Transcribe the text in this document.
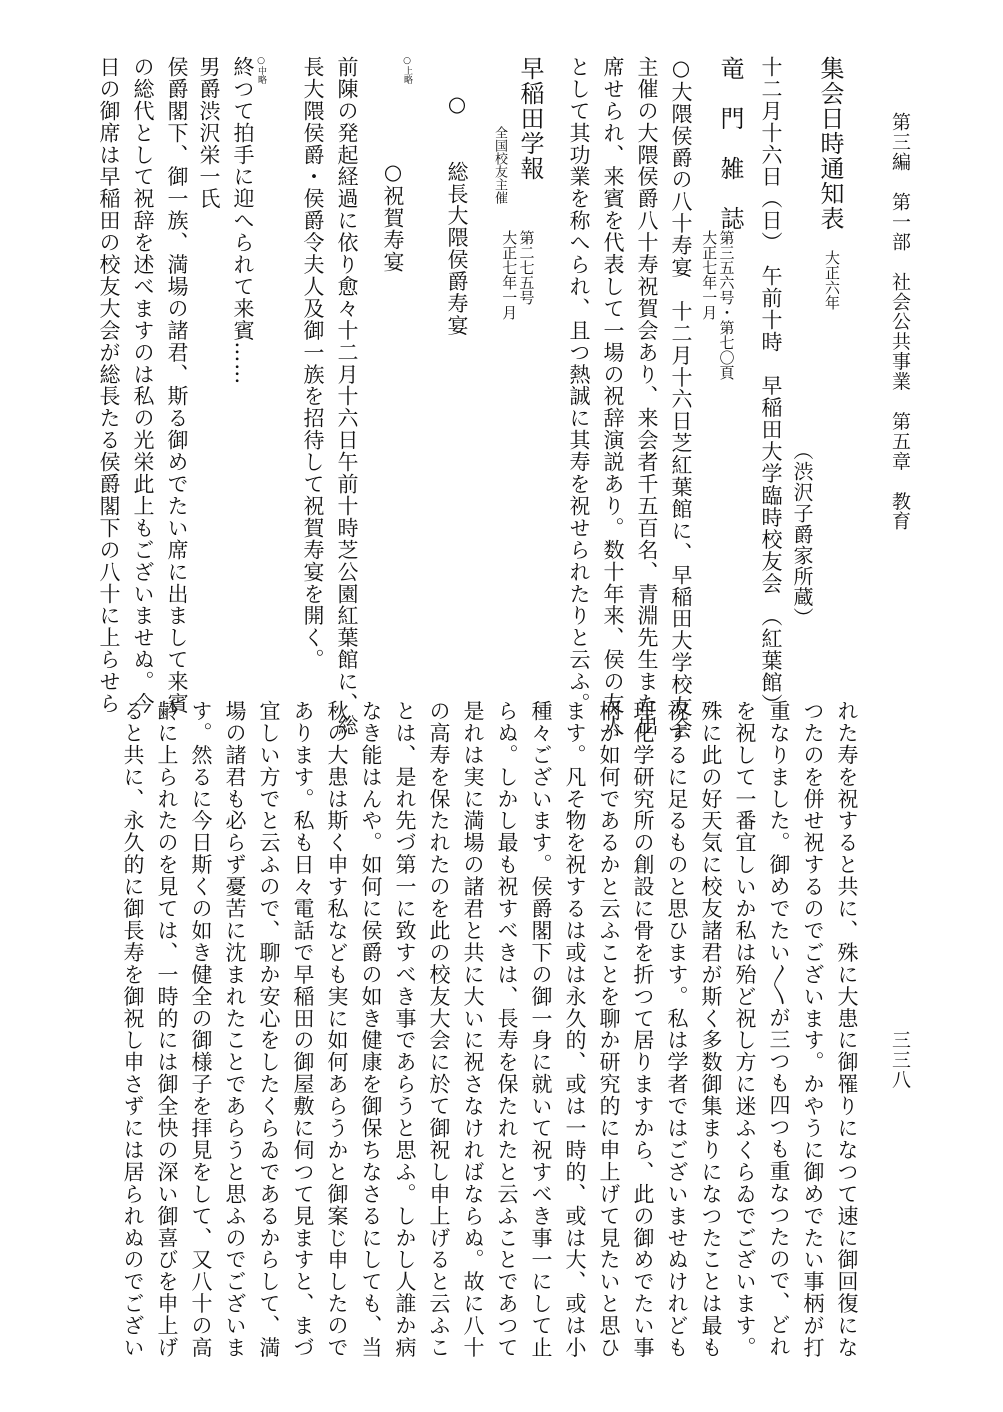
第三編　第一部　社会公共事業　第五章　教育
三三八
集会日時通知表
大正六年
（渋沢子爵家所蔵）
十二月十六日（日）　午前十時　早稲田大学臨時校友会　（紅葉館）
竜　門　雑　誌
第三五六号・第七〇頁
大正七年一月
○大隈侯爵の八十寿宴　十二月十六日芝紅葉館に、早稲田大学校友会
主催の大隈侯爵八十寿祝賀会あり、来会者千五百名、青淵先生また出
席せられ、来賓を代表して一場の祝辞演説あり。数十年来、侯の友人
として其功業を称へられ、且つ熱誠に其寿を祝せられたりと云ふ。
早稲田学報
第二七五号
大正七年一月
全国校友主催
○　　総長大隈侯爵寿宴
○上略
○祝賀寿宴
前陳の発起経過に依り愈々十二月十六日午前十時芝公園紅葉館に、総
長大隈侯爵・侯爵令夫人及御一族を招待して祝賀寿宴を開く。
○中略
終つて拍手に迎へられて来賓……
男爵渋沢栄一氏
侯爵閣下、御一族、満場の諸君、斯る御めでたい席に出まして来賓
の総代として祝辞を述べますのは私の光栄此上もございませぬ。今
日の御席は早稲田の校友大会が総長たる侯爵閣下の八十に上らせら
れた寿を祝すると共に、殊に大患に御罹りになつて速に御回復にな
つたのを併せ祝するのでございます。かやうに御めでたい事柄が打
重なりました。御めでたい〳〵が三つも四つも重なつたので、どれ
を祝して一番宜しいか私は殆ど祝し方に迷ふくらゐでございます。
殊に此の好天気に校友諸君が斯く多数御集まりになつたことは最も
祝するに足るものと思ひます。私は学者ではございませぬけれども
理化学研究所の創設に骨を折つて居りますから、此の御めでたい事
柄が如何であるかと云ふことを聊か研究的に申上げて見たいと思ひ
ます。凡そ物を祝するは或は永久的、或は一時的、或は大、或は小
種々ございます。侯爵閣下の御一身に就いて祝すべき事一にして止
らぬ。しかし最も祝すべきは、長寿を保たれたと云ふことであつて
是れは実に満場の諸君と共に大いに祝さなければならぬ。故に八十
の高寿を保たれたのを此の校友大会に於て御祝し申上げると云ふこ
とは、是れ先づ第一に致すべき事であらうと思ふ。しかし人誰か病
なき能はんや。如何に侯爵の如き健康を御保ちなさるにしても、当
秋の大患は斯く申す私なども実に如何あらうかと御案じ申したので
あります。私も日々電話で早稲田の御屋敷に伺つて見ますと、まづ
宜しい方でと云ふので、聊か安心をしたくらゐであるからして、満
場の諸君も必らず憂苦に沈まれたことであらうと思ふのでございま
す。然るに今日斯くの如き健全の御様子を拝見をして、又八十の高
齢に上られたのを見ては、一時的には御全快の深い御喜びを申上げ
ると共に、永久的に御長寿を御祝し申さずには居られぬのでござい
